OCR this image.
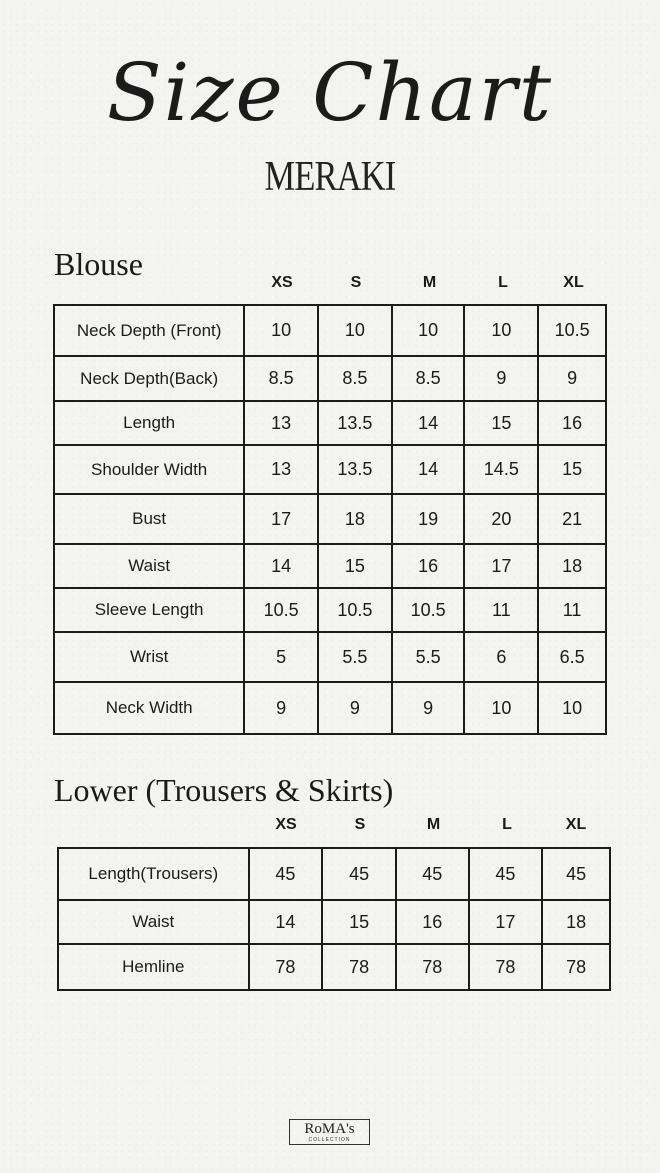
Size Chart
MERAKI
Blouse
XS	S	M	L	XL
Neck Depth (Front)	10	10	10	10	10.5
Neck Depth(Back)	8.5	8.5	8.5	9	9
Length	13	13.5	14	15	16
Shoulder Width	13	13.5	14	14.5	15
Bust	17	18	19	20	21
Waist	14	15	16	17	18
Sleeve Length	10.5	10.5	10.5	11	11
Wrist	5	5.5	5.5	6	6.5
Neck Width	9	9	9	10	10
Lower (Trousers & Skirts)
XS	S	M	L	XL
Length(Trousers)	45	45	45	45	45
Waist	14	15	16	17	18
Hemline	78	78	78	78	78
RoMA's
COLLECTION
